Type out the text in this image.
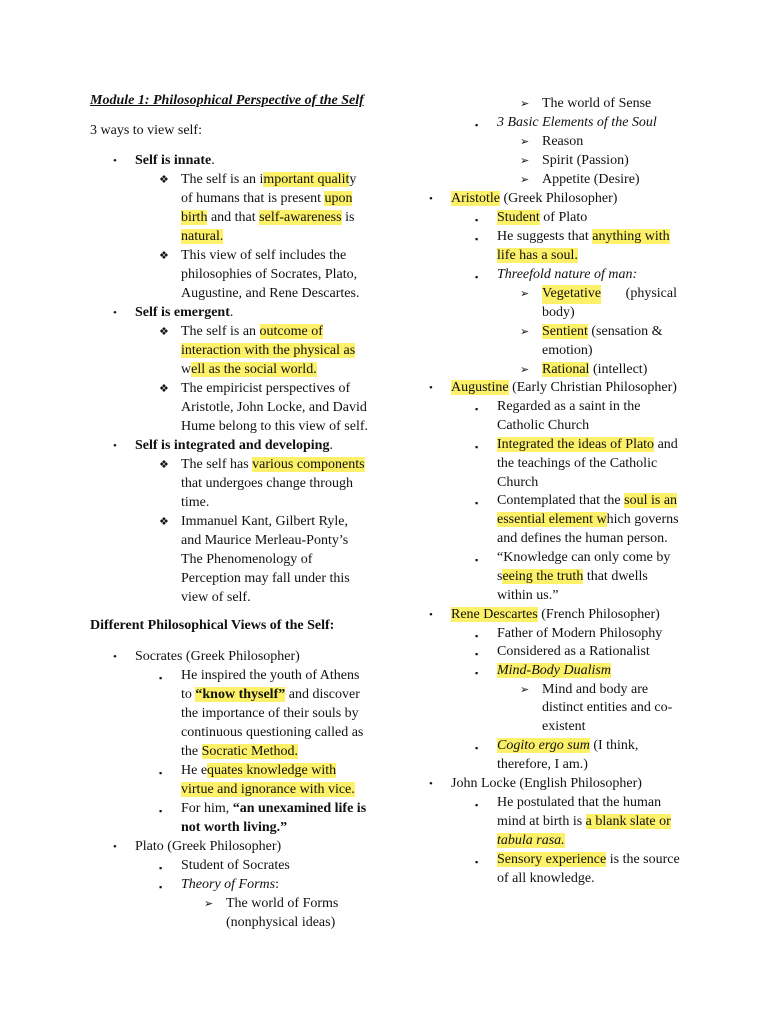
Module 1: Philosophical Perspective of the Self
3 ways to view self:
• Self is innate.
❖ The self is an important quality
of humans that is present upon
birth and that self-awareness is
natural.
❖ This view of self includes the
philosophies of Socrates, Plato,
Augustine, and Rene Descartes.
• Self is emergent.
❖ The self is an outcome of
interaction with the physical as
well as the social world.
❖ The empiricist perspectives of
Aristotle, John Locke, and David
Hume belong to this view of self.
• Self is integrated and developing.
❖ The self has various components
that undergoes change through
time.
❖ Immanuel Kant, Gilbert Ryle,
and Maurice Merleau-Ponty’s
The Phenomenology of
Perception may fall under this
view of self.
Different Philosophical Views of the Self:
• Socrates (Greek Philosopher)
▪ He inspired the youth of Athens
to “know thyself” and discover
the importance of their souls by
continuous questioning called as
the Socratic Method.
▪ He equates knowledge with
virtue and ignorance with vice.
▪ For him, “an unexamined life is
not worth living.”
• Plato (Greek Philosopher)
▪ Student of Socrates
▪ Theory of Forms:
➢ The world of Forms
(nonphysical ideas)
➢ The world of Sense
▪ 3 Basic Elements of the Soul
➢ Reason
➢ Spirit (Passion)
➢ Appetite (Desire)
• Aristotle (Greek Philosopher)
▪ Student of Plato
▪ He suggests that anything with
life has a soul.
▪ Threefold nature of man:
➢ Vegetative (physical
body)
➢ Sentient (sensation &
emotion)
➢ Rational (intellect)
• Augustine (Early Christian Philosopher)
▪ Regarded as a saint in the
Catholic Church
▪ Integrated the ideas of Plato and
the teachings of the Catholic
Church
▪ Contemplated that the soul is an
essential element which governs
and defines the human person.
▪ “Knowledge can only come by
seeing the truth that dwells
within us.”
• Rene Descartes (French Philosopher)
▪ Father of Modern Philosophy
▪ Considered as a Rationalist
▪ Mind-Body Dualism
➢ Mind and body are
distinct entities and co-
existent
▪ Cogito ergo sum (I think,
therefore, I am.)
• John Locke (English Philosopher)
▪ He postulated that the human
mind at birth is a blank slate or
tabula rasa.
▪ Sensory experience is the source
of all knowledge.
